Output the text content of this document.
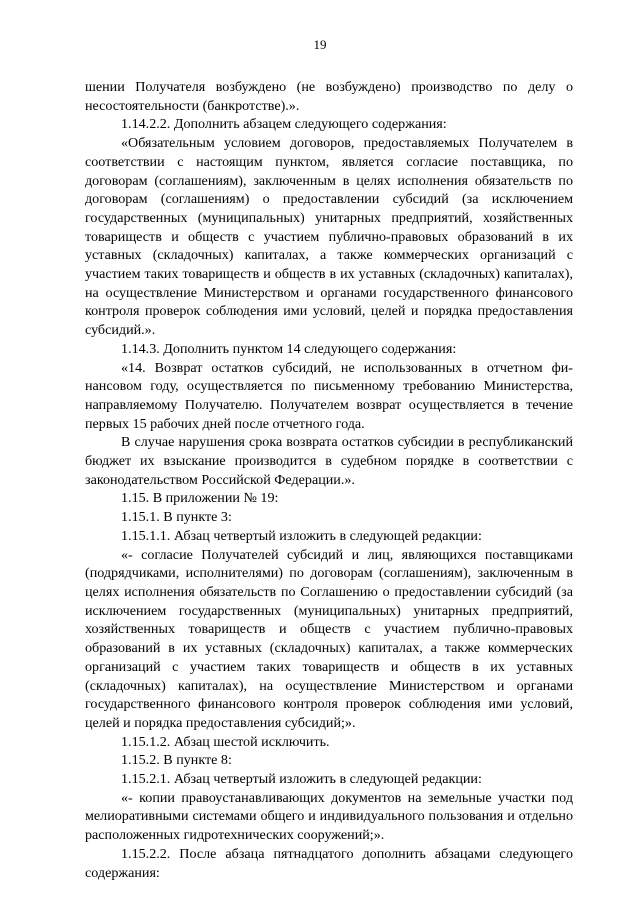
19

шении Получателя возбуждено (не возбуждено) производство по делу о несостоятельности (банкротстве).».

1.14.2.2. Дополнить абзацем следующего содержания:

«Обязательным условием договоров, предоставляемых Получателем в соответствии с настоящим пунктом, является согласие поставщика, по договорам (соглашениям), заключенным в целях исполнения обязательств по договорам (соглашениям) о предоставлении субсидий (за исключением государственных (муниципальных) унитарных предприятий, хозяйственных товариществ и обществ с участием публично-правовых образований в их уставных (складочных) капиталах, а также коммерческих организаций с участием таких товариществ и обществ в их уставных (складочных) капиталах), на осуществление Министерством и органами государственного финансового контроля проверок соблюдения ими условий, целей и порядка предоставления субсидий.».

1.14.3. Дополнить пунктом 14 следующего содержания:

«14. Возврат остатков субсидий, не использованных в отчетном финансовом году, осуществляется по письменному требованию Министерства, направляемому Получателю. Получателем возврат осуществляется в течение первых 15 рабочих дней после отчетного года.

В случае нарушения срока возврата остатков субсидии в республиканский бюджет их взыскание производится в судебном порядке в соответствии с законодательством Российской Федерации.».

1.15. В приложении № 19:

1.15.1. В пункте 3:

1.15.1.1. Абзац четвертый изложить в следующей редакции:

«- согласие Получателей субсидий и лиц, являющихся поставщиками (подрядчиками, исполнителями) по договорам (соглашениям), заключенным в целях исполнения обязательств по Соглашению о предоставлении субсидий (за исключением государственных (муниципальных) унитарных предприятий, хозяйственных товариществ и обществ с участием публично-правовых образований в их уставных (складочных) капиталах, а также коммерческих организаций с участием таких товариществ и обществ в их уставных (складочных) капиталах), на осуществление Министерством и органами государственного финансового контроля проверок соблюдения ими условий, целей и порядка предоставления субсидий;».

1.15.1.2. Абзац шестой исключить.

1.15.2. В пункте 8:

1.15.2.1. Абзац четвертый изложить в следующей редакции:

«- копии правоустанавливающих документов на земельные участки под мелиоративными системами общего и индивидуального пользования и отдельно расположенных гидротехнических сооружений;».

1.15.2.2. После абзаца пятнадцатого дополнить абзацами следующего содержания:
